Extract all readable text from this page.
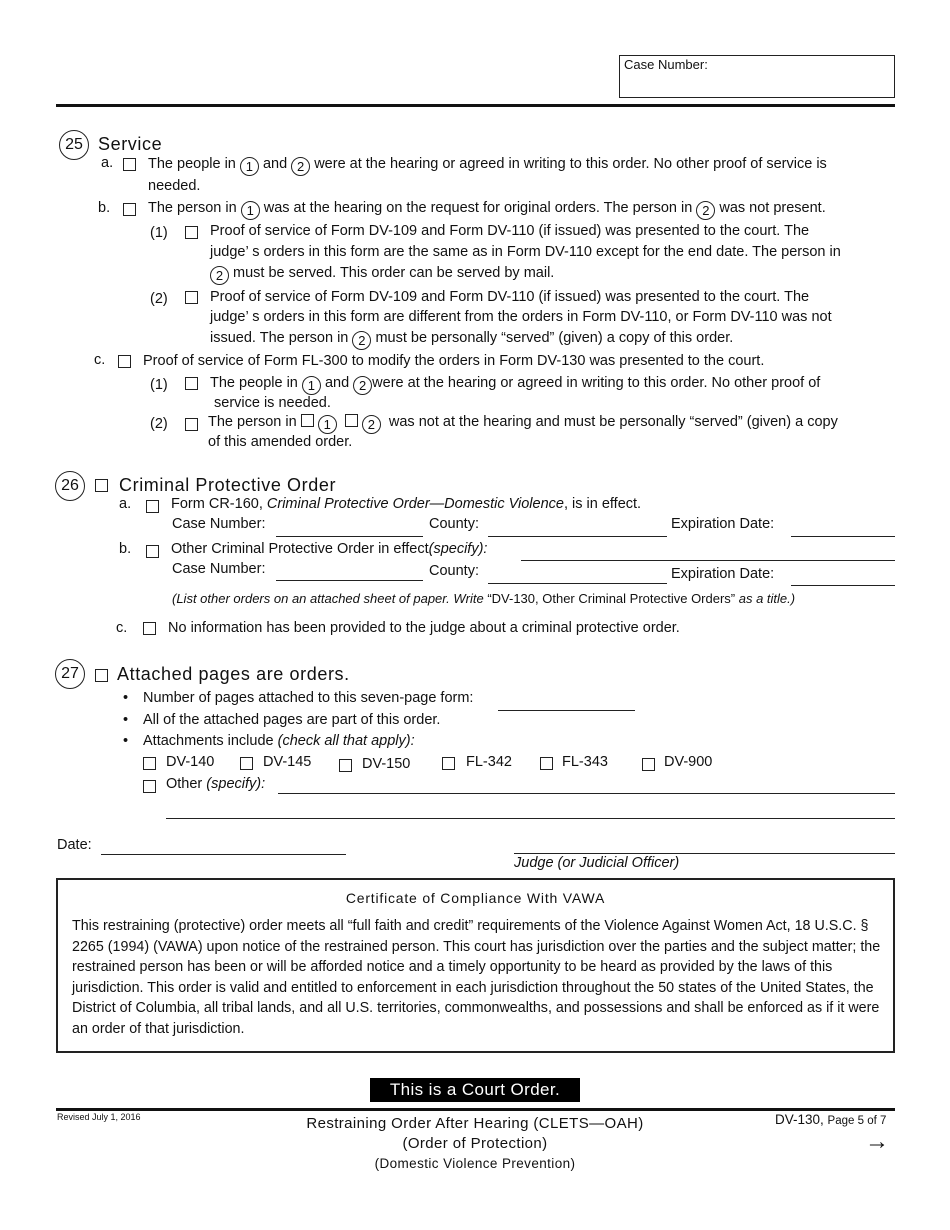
Case Number:
25 Service
a. The people in 1 and 2 were at the hearing or agreed in writing to this order. No other proof of service is
needed.
b.	The person in 1 was at the hearing on the request for original orders. The person in 2 was not present.
(1)	Proof of service of Form DV-109 and Form DV-110 (if issued) was presented to the court. The
judge’ s orders in this form are the same as in Form DV-110 except for the end date. The person in
2 must be served. This order can be served by mail.
(2)	Proof of service of Form DV-109 and Form DV-110 (if issued) was presented to the court. The
judge’ s orders in this form are different from the orders in Form DV-110, or Form DV-110 was not
issued. The person in 2 must be personally “served” (given) a copy of this order.
c.	Proof of service of Form FL-300 to modify the orders in Form DV-130 was presented to the court.
(1)	The people in 1 and 2 were at the hearing or agreed in writing to this order. No other proof of
service is needed.
(2)	The person in 1	2 was not at the hearing and must be personally “served” (given) a copy
of this amended order.
26	Criminal Protective Order
a.	Form CR-160, Criminal Protective Order—Domestic Violence, is in effect.
Case Number:	County:	Expiration Date:
b.	Other Criminal Protective Order in effect(specify):
Case Number:	County:	Expiration Date:
(List other orders on an attached sheet of paper. Write “DV-130, Other Criminal Protective Orders” as a title.)
c.	No information has been provided to the judge about a criminal protective order.
27	Attached pages are orders.
• Number of pages attached to this seven-page form:
• All of the attached pages are part of this order.
• Attachments include (check all that apply):
DV-140	DV-145	DV-150	FL-342	FL-343	DV-900
Other (specify):
Date:
Judge (or Judicial Officer)
Certificate of Compliance With VAWA
This restraining (protective) order meets all “full faith and credit” requirements of the Violence Against Women Act, 18 U.S.C. § 2265 (1994) (VAWA) upon notice of the restrained person. This court has jurisdiction over the parties and the subject matter; the restrained person has been or will be afforded notice and a timely opportunity to be heard as provided by the laws of this jurisdiction. This order is valid and entitled to enforcement in each jurisdiction throughout the 50 states of the United States, the District of Columbia, all tribal lands, and all U.S. territories, commonwealths, and possessions and shall be enforced as if it were an order of that jurisdiction.
This is a Court Order.
Revised July 1, 2016	Restraining Order After Hearing (CLETS—OAH)
(Order of Protection)
(Domestic Violence Prevention)
DV-130, Page 5 of 7
→
